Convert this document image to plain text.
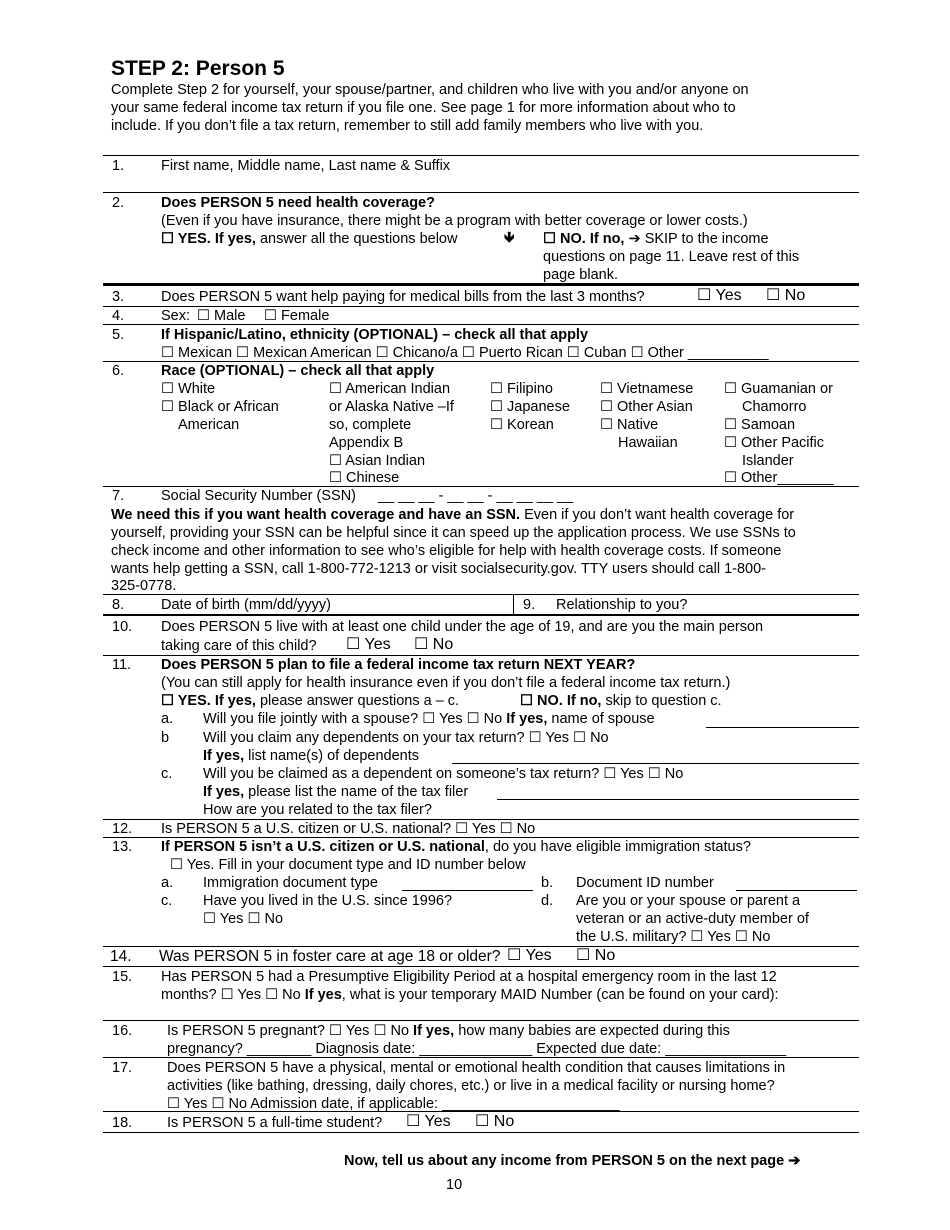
STEP 2: Person 5
Complete Step 2 for yourself, your spouse/partner, and children who live with you and/or anyone on
your same federal income tax return if you file one. See page 1 for more information about who to
include. If you don’t file a tax return, remember to still add family members who live with you.
1.	First name, Middle name, Last name & Suffix
2.	Does PERSON 5 need health coverage?
(Even if you have insurance, there might be a program with better coverage or lower costs.)
☐ YES. If yes, answer all the questions below	🡻 ☐ NO. If no, ➔ SKIP to the income
questions on page 11. Leave rest of this
page blank.
3.	Does PERSON 5 want help paying for medical bills from the last 3 months?	☐ Yes ☐ No
4.	Sex: ☐ Male ☐ Female
5.	If Hispanic/Latino, ethnicity (OPTIONAL) – check all that apply
☐ Mexican ☐ Mexican American ☐ Chicano/a ☐ Puerto Rican ☐ Cuban ☐ Other __________
6.	Race (OPTIONAL) – check all that apply
☐ White
☐ Black or African
American
☐ American Indian
or Alaska Native –If
so, complete
Appendix B
☐ Asian Indian
☐ Chinese
☐ Filipino
☐ Japanese
☐ Korean
☐ Vietnamese
☐ Other Asian
☐ Native
Hawaiian
☐ Guamanian or
Chamorro
☐ Samoan
☐ Other Pacific
Islander
☐ Other_______
7.	Social Security Number (SSN) __ __ __ - __ __ - __ __ __ __
We need this if you want health coverage and have an SSN. Even if you don’t want health coverage for
yourself, providing your SSN can be helpful since it can speed up the application process. We use SSNs to
check income and other information to see who’s eligible for help with health coverage costs. If someone
wants help getting a SSN, call 1-800-772-1213 or visit socialsecurity.gov. TTY users should call 1-800-
325-0778.
8.	Date of birth (mm/dd/yyyy)	9. Relationship to you?
10. Does PERSON 5 live with at least one child under the age of 19, and are you the main person
taking care of this child? ☐ Yes ☐ No
11. Does PERSON 5 plan to file a federal income tax return NEXT YEAR?
(You can still apply for health insurance even if you don’t file a federal income tax return.)
☐ YES. If yes, please answer questions a – c.	☐ NO. If no, skip to question c.
a. Will you file jointly with a spouse? ☐ Yes ☐ No If yes, name of spouse
b Will you claim any dependents on your tax return? ☐ Yes ☐ No
If yes, list name(s) of dependents
c. Will you be claimed as a dependent on someone’s tax return? ☐ Yes ☐ No
If yes, please list the name of the tax filer
How are you related to the tax filer?
12. Is PERSON 5 a U.S. citizen or U.S. national? ☐ Yes ☐ No
13. If PERSON 5 isn’t a U.S. citizen or U.S. national, do you have eligible immigration status?
☐ Yes. Fill in your document type and ID number below
a. Immigration document type	b. Document ID number
c. Have you lived in the U.S. since 1996?
☐ Yes ☐ No
d. Are you or your spouse or parent a
veteran or an active-duty member of
the U.S. military? ☐ Yes ☐ No
14. Was PERSON 5 in foster care at age 18 or older? ☐ Yes ☐ No
15. Has PERSON 5 had a Presumptive Eligibility Period at a hospital emergency room in the last 12
months? ☐ Yes ☐ No If yes, what is your temporary MAID Number (can be found on your card):
16. Is PERSON 5 pregnant? ☐ Yes ☐ No If yes, how many babies are expected during this
pregnancy? ________ Diagnosis date: ______________ Expected due date: _______________
17. Does PERSON 5 have a physical, mental or emotional health condition that causes limitations in
activities (like bathing, dressing, daily chores, etc.) or live in a medical facility or nursing home?
☐ Yes ☐ No Admission date, if applicable: ______________________
18. Is PERSON 5 a full-time student? ☐ Yes ☐ No
Now, tell us about any income from PERSON 5 on the next page ➔
10
